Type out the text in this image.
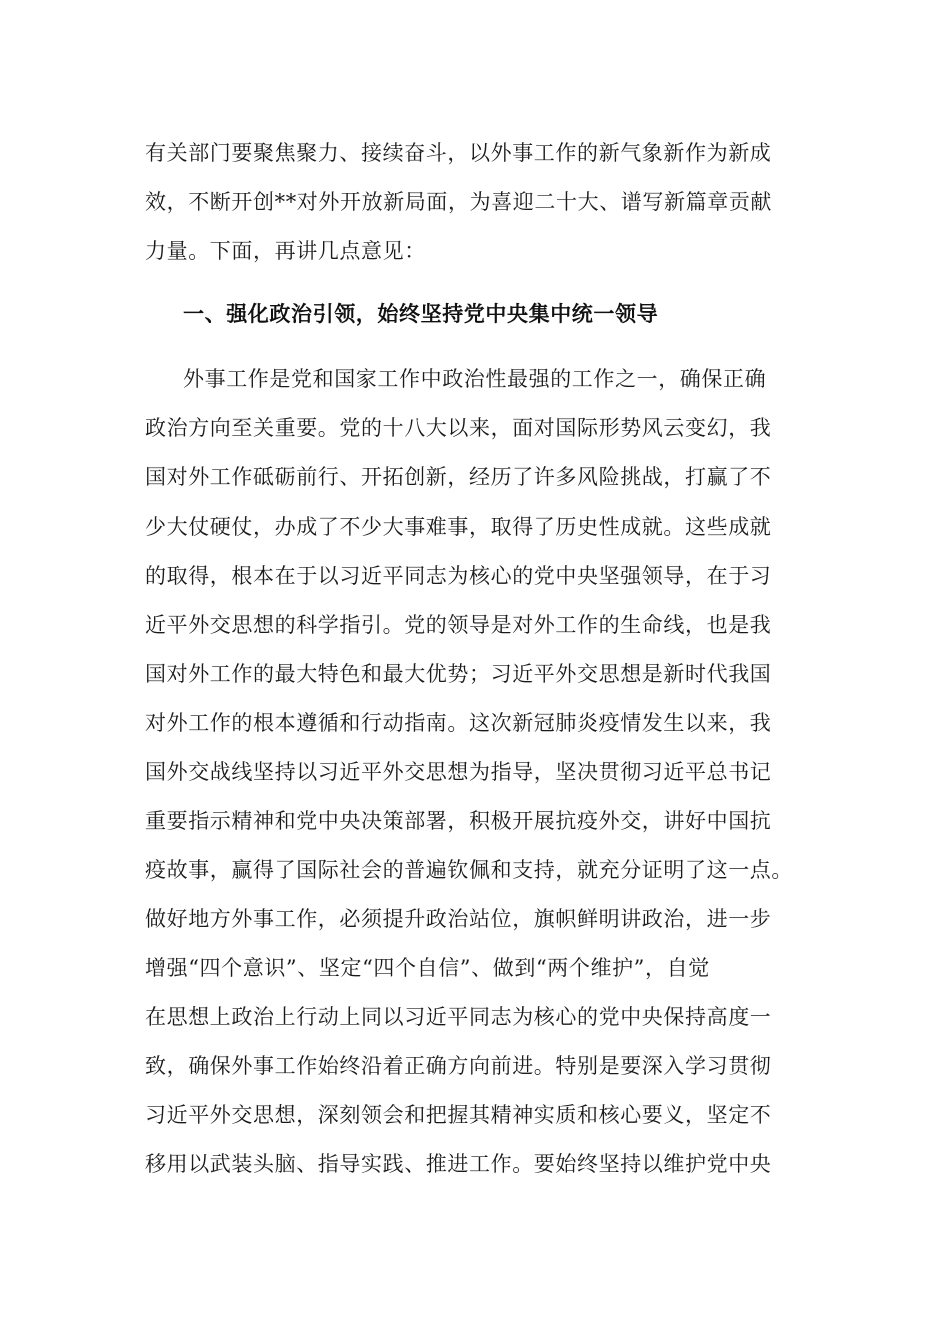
有关部门要聚焦聚力、接续奋斗，以外事工作的新气象新作为新成
效，不断开创**对外开放新局面，为喜迎二十大、谱写新篇章贡献
力量。下面，再讲几点意见：
一、强化政治引领，始终坚持党中央集中统一领导
外事工作是党和国家工作中政治性最强的工作之一，确保正确
政治方向至关重要。党的十八大以来，面对国际形势风云变幻，我
国对外工作砥砺前行、开拓创新，经历了许多风险挑战，打赢了不
少大仗硬仗，办成了不少大事难事，取得了历史性成就。这些成就
的取得，根本在于以习近平同志为核心的党中央坚强领导，在于习
近平外交思想的科学指引。党的领导是对外工作的生命线，也是我
国对外工作的最大特色和最大优势；习近平外交思想是新时代我国
对外工作的根本遵循和行动指南。这次新冠肺炎疫情发生以来，我
国外交战线坚持以习近平外交思想为指导，坚决贯彻习近平总书记
重要指示精神和党中央决策部署，积极开展抗疫外交，讲好中国抗
疫故事，赢得了国际社会的普遍钦佩和支持，就充分证明了这一点。
做好地方外事工作，必须提升政治站位，旗帜鲜明讲政治，进一步
增强“四个意识”、坚定“四个自信”、做到“两个维护”，自觉
在思想上政治上行动上同以习近平同志为核心的党中央保持高度一
致，确保外事工作始终沿着正确方向前进。特别是要深入学习贯彻
习近平外交思想，深刻领会和把握其精神实质和核心要义，坚定不
移用以武装头脑、指导实践、推进工作。要始终坚持以维护党中央
